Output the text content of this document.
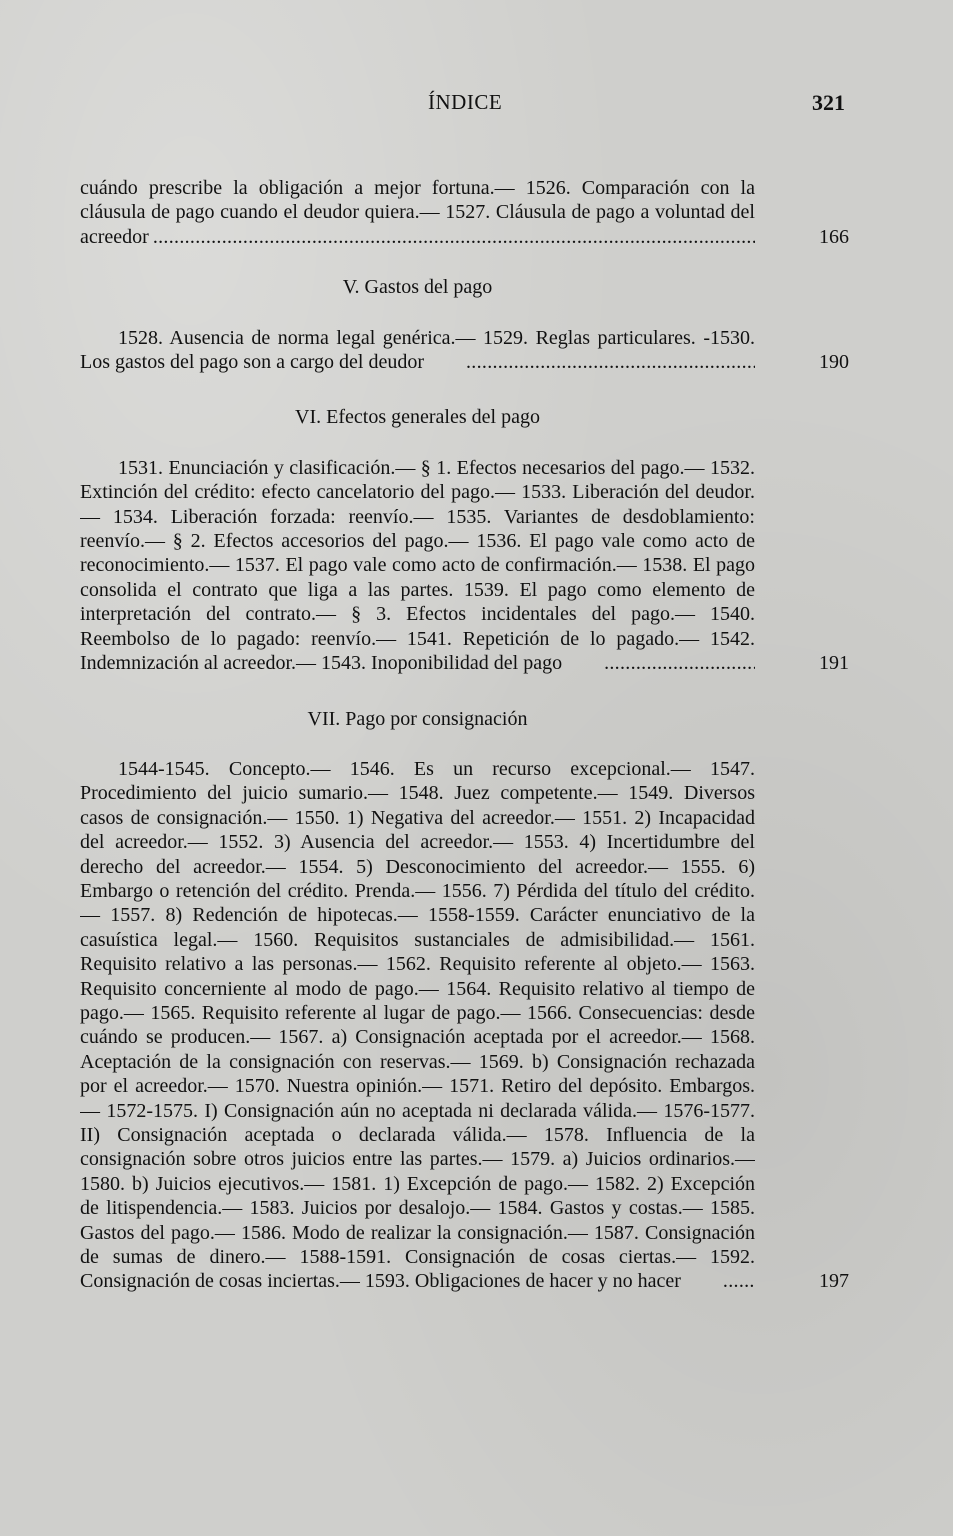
ÍNDICE	321
cuándo prescribe la obligación a mejor fortuna.— 1526. Comparación con la cláusula de pago cuando el deudor quiera.— 1527. Cláusula de pago a voluntad del acreedor .....	166
V. Gastos del pago
1528. Ausencia de norma legal genérica.— 1529. Reglas particulares. -1530. Los gastos del pago son a cargo del deudor .....	190
VI. Efectos generales del pago
1531. Enunciación y clasificación.— § 1. Efectos necesarios del pago.— 1532. Extinción del crédito: efecto cancelatorio del pago.— 1533. Liberación del deudor.— 1534. Liberación forzada: reenvío.— 1535. Variantes de desdoblamiento: reenvío.— § 2. Efectos accesorios del pago.— 1536. El pago vale como acto de reconocimiento.— 1537. El pago vale como acto de confirmación.— 1538. El pago consolida el contrato que liga a las partes. 1539. El pago como elemento de interpretación del contrato.— § 3. Efectos incidentales del pago.— 1540. Reembolso de lo pagado: reenvío.— 1541. Repetición de lo pagado.— 1542. Indemnización al acreedor.— 1543. Inoponibilidad del pago .....	191
VII. Pago por consignación
1544-1545. Concepto.— 1546. Es un recurso excepcional.— 1547. Procedimiento del juicio sumario.— 1548. Juez competente.— 1549. Diversos casos de consignación.— 1550. 1) Negativa del acreedor.— 1551. 2) Incapacidad del acreedor.— 1552. 3) Ausencia del acreedor.— 1553. 4) Incertidumbre del derecho del acreedor.— 1554. 5) Desconocimiento del acreedor.— 1555. 6) Embargo o retención del crédito. Prenda.— 1556. 7) Pérdida del título del crédito.— 1557. 8) Redención de hipotecas.— 1558-1559. Carácter enunciativo de la casuística legal.— 1560. Requisitos sustanciales de admisibilidad.— 1561. Requisito relativo a las personas.— 1562. Requisito referente al objeto.— 1563. Requisito concerniente al modo de pago.— 1564. Requisito relativo al tiempo de pago.— 1565. Requisito referente al lugar de pago.— 1566. Consecuencias: desde cuándo se producen.— 1567. a) Consignación aceptada por el acreedor.— 1568. Aceptación de la consignación con reservas.— 1569. b) Consignación rechazada por el acreedor.— 1570. Nuestra opinión.— 1571. Retiro del depósito. Embargos.— 1572-1575. I) Consignación aún no aceptada ni declarada válida.— 1576-1577. II) Consignación aceptada o declarada válida.— 1578. Influencia de la consignación sobre otros juicios entre las partes.— 1579. a) Juicios ordinarios.— 1580. b) Juicios ejecutivos.— 1581. 1) Excepción de pago.— 1582. 2) Excepción de litispendencia.— 1583. Juicios por desalojo.— 1584. Gastos y costas.— 1585. Gastos del pago.— 1586. Modo de realizar la consignación.— 1587. Consignación de sumas de dinero.— 1588-1591. Consignación de cosas ciertas.— 1592. Consignación de cosas inciertas.— 1593. Obligaciones de hacer y no hacer .....	197
